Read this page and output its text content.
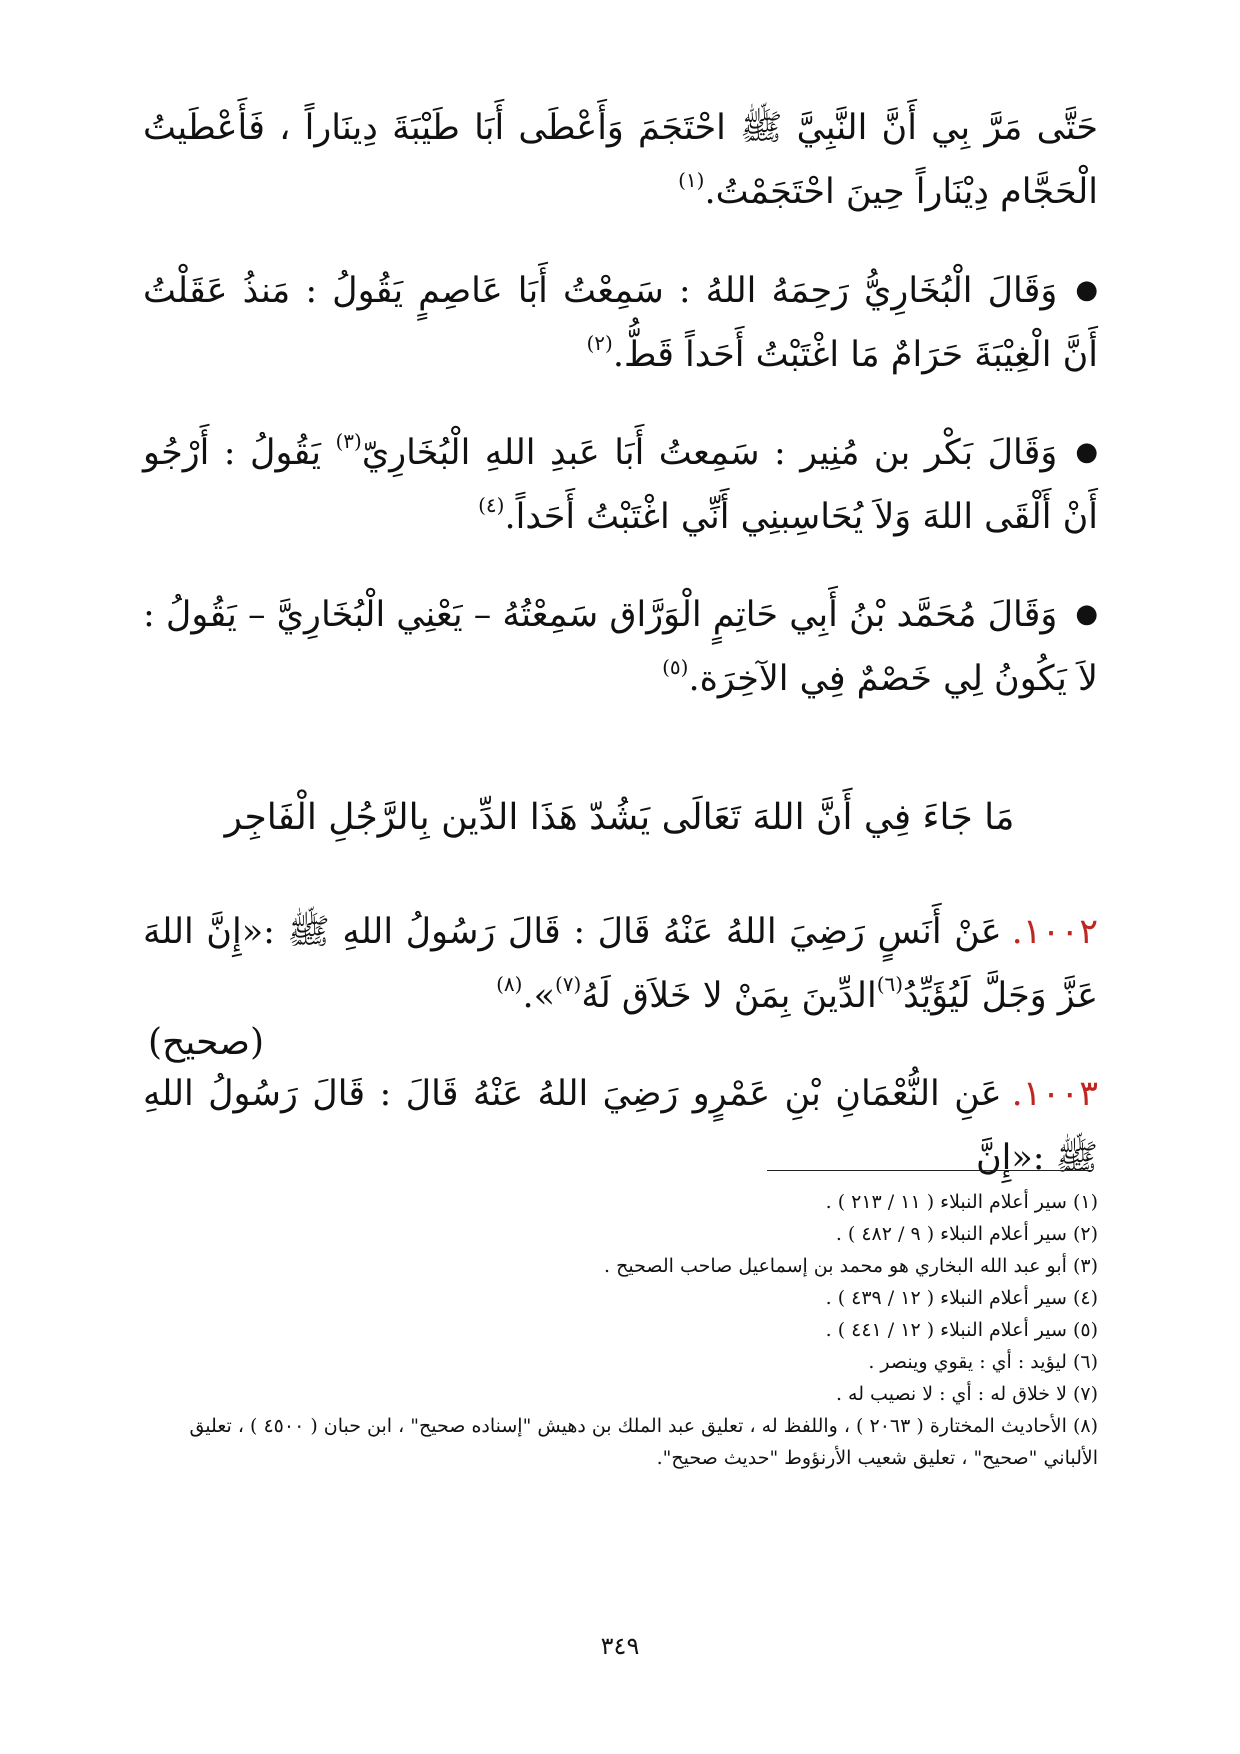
حَتَّى مَرَّ بِي أَنَّ النَّبِيَّ ﷺ احْتَجَمَ وَأَعْطَى أَبَا طَيْبَةَ دِينَاراً ، فَأَعْطَيتُ الْحَجَّام دِيْنَاراً حِينَ احْتَجَمْتُ.$^{(١)}$
●وَقَالَ الْبُخَارِيُّ رَحِمَهُ اللهُ : سَمِعْتُ أَبَا عَاصِمٍ يَقُولُ : مَنذُ عَقَلْتُ أَنَّ الْغِيْبَةَ حَرَامٌ مَا اغْتَبْتُ أَحَداً قَطُّ.$^{(٢)}$
●وَقَالَ بَكْر بن مُنِير : سَمِعتُ أَبَا عَبدِ اللهِ الْبُخَارِيّ$^{(٣)}$ يَقُولُ : أَرْجُو أَنْ أَلْقَى اللهَ وَلاَ يُحَاسِبنِي أَنِّي اغْتَبْتُ أَحَداً.$^{(٤)}$
●وَقَالَ مُحَمَّد بْنُ أَبِي حَاتِمٍ الْوَرَّاق سَمِعْتُهُ – يَعْنِي الْبُخَارِيَّ – يَقُولُ : لاَ يَكُونُ لِي خَصْمٌ فِي الآخِرَة.$^{(٥)}$
مَا جَاءَ فِي أَنَّ اللهَ تَعَالَى يَشُدّ هَذَا الدِّين بِالرَّجُلِ الْفَاجِر
١٠٠٢.عَنْ أَنَسٍ رَضِيَ اللهُ عَنْهُ قَالَ : قَالَ رَسُولُ اللهِ ﷺ :«إِنَّ اللهَ عَزَّ وَجَلَّ لَيُؤَيِّدُ$^{(٦)}$الدِّينَ بِمَنْ لا خَلاَق لَهُ$^{(٧)}$».$^{(٨)}$
(صحيح)
١٠٠٣.عَنِ النُّعْمَانِ بْنِ عَمْرٍو رَضِيَ اللهُ عَنْهُ قَالَ : قَالَ رَسُولُ اللهِ ﷺ :«إِنَّ
(١) سير أعلام النبلاء ( ١١ / ٢١٣ ) .
(٢) سير أعلام النبلاء ( ٩ / ٤٨٢ ) .
(٣) أبو عبد الله البخاري هو محمد بن إسماعيل صاحب الصحيح .
(٤) سير أعلام النبلاء ( ١٢ / ٤٣٩ ) .
(٥) سير أعلام النبلاء ( ١٢ / ٤٤١ ) .
(٦) ليؤيد : أي : يقوي وينصر .
(٧) لا خلاق له : أي : لا نصيب له .
(٨) الأحاديث المختارة ( ٢٠٦٣ ) ، واللفظ له ، تعليق عبد الملك بن دهيش "إسناده صحيح" ، ابن حبان ( ٤٥٠٠ ) ، تعليق الألباني "صحيح" ، تعليق شعيب الأرنؤوط "حديث صحيح".
٣٤٩
